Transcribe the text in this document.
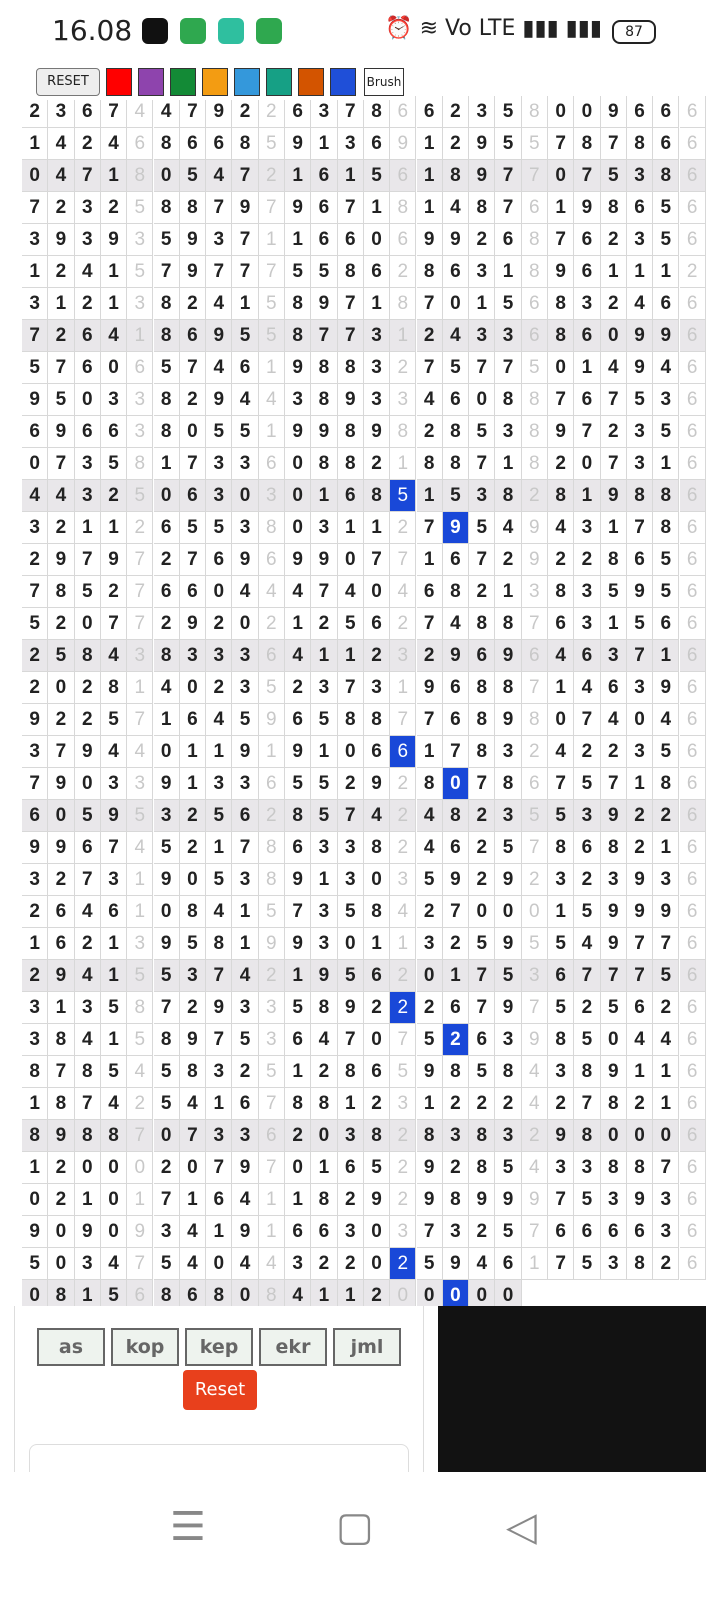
16.08	⏰ ≋ Vo LTE ▮▮▮ ▮▮▮	87
2 3 6 7 4 4 7 9 2 2 6 3 7 8 6 6 2 3 5 8 0 0 9 6 6 6
1 4 2 4 6 8 6 6 8 5 9 1 3 6 9 1 2 9 5 5 7 8 7 8 6 6
0 4 7 1 8 0 5 4 7 2 1 6 1 5 6 1 8 9 7 7 0 7 5 3 8 6
7 2 3 2 5 8 8 7 9 7 9 6 7 1 8 1 4 8 7 6 1 9 8 6 5 6
3 9 3 9 3 5 9 3 7 1 1 6 6 0 6 9 9 2 6 8 7 6 2 3 5 6
1 2 4 1 5 7 9 7 7 7 5 5 8 6 2 8 6 3 1 8 9 6 1 1 1 2
3 1 2 1 3 8 2 4 1 5 8 9 7 1 8 7 0 1 5 6 8 3 2 4 6 6
7 2 6 4 1 8 6 9 5 5 8 7 7 3 1 2 4 3 3 6 8 6 0 9 9 6
5 7 6 0 6 5 7 4 6 1 9 8 8 3 2 7 5 7 7 5 0 1 4 9 4 6
9 5 0 3 3 8 2 9 4 4 3 8 9 3 3 4 6 0 8 8 7 6 7 5 3 6
6 9 6 6 3 8 0 5 5 1 9 9 8 9 8 2 8 5 3 8 9 7 2 3 5 6
0 7 3 5 8 1 7 3 3 6 0 8 8 2 1 8 8 7 1 8 2 0 7 3 1 6
4 4 3 2 5 0 6 3 0 3 0 1 6 8 5 1 5 3 8 2 8 1 9 8 8 6
3 2 1 1 2 6 5 5 3 8 0 3 1 1 2 7 9 5 4 9 4 3 1 7 8 6
2 9 7 9 7 2 7 6 9 6 9 9 0 7 7 1 6 7 2 9 2 2 8 6 5 6
7 8 5 2 7 6 6 0 4 4 4 7 4 0 4 6 8 2 1 3 8 3 5 9 5 6
5 2 0 7 7 2 9 2 0 2 1 2 5 6 2 7 4 8 8 7 6 3 1 5 6 6
2 5 8 4 3 8 3 3 3 6 4 1 1 2 3 2 9 6 9 6 4 6 3 7 1 6
2 0 2 8 1 4 0 2 3 5 2 3 7 3 1 9 6 8 8 7 1 4 6 3 9 6
9 2 2 5 7 1 6 4 5 9 6 5 8 8 7 7 6 8 9 8 0 7 4 0 4 6
3 7 9 4 4 0 1 1 9 1 9 1 0 6 6 1 7 8 3 2 4 2 2 3 5 6
7 9 0 3 3 9 1 3 3 6 5 5 2 9 2 8 0 7 8 6 7 5 7 1 8 6
6 0 5 9 5 3 2 5 6 2 8 5 7 4 2 4 8 2 3 5 5 3 9 2 2 6
9 9 6 7 4 5 2 1 7 8 6 3 3 8 2 4 6 2 5 7 8 6 8 2 1 6
3 2 7 3 1 9 0 5 3 8 9 1 3 0 3 5 9 2 9 2 3 2 3 9 3 6
2 6 4 6 1 0 8 4 1 5 7 3 5 8 4 2 7 0 0 0 1 5 9 9 9 6
1 6 2 1 3 9 5 8 1 9 9 3 0 1 1 3 2 5 9 5 5 4 9 7 7 6
2 9 4 1 5 5 3 7 4 2 1 9 5 6 2 0 1 7 5 3 6 7 7 7 5 6
3 1 3 5 8 7 2 9 3 3 5 8 9 2 2 2 6 7 9 7 5 2 5 6 2 6
3 8 4 1 5 8 9 7 5 3 6 4 7 0 7 5 2 6 3 9 8 5 0 4 4 6
8 7 8 5 4 5 8 3 2 5 1 2 8 6 5 9 8 5 8 4 3 8 9 1 1 6
1 8 7 4 2 5 4 1 6 7 8 8 1 2 3 1 2 2 2 4 2 7 8 2 1 6
8 9 8 8 7 0 7 3 3 6 2 0 3 8 2 8 3 8 3 2 9 8 0 0 0 6
1 2 0 0 0 2 0 7 9 7 0 1 6 5 2 9 2 8 5 4 3 3 8 8 7 6
0 2 1 0 1 7 1 6 4 1 1 8 2 9 2 9 8 9 9 9 7 5 3 9 3 6
9 0 9 0 9 3 4 1 9 1 6 6 3 0 3 7 3 2 5 7 6 6 6 6 3 6
5 0 3 4 7 5 4 0 4 4 3 2 2 0 2 5 9 4 6 1 7 5 3 8 2 6
0 8 1 5 6 8 6 8 0 8 4 1 1 2 0 0 0 0 0
RESET	Brush
as	kop	kep	ekr	jml
Reset
☰	▢	◁
